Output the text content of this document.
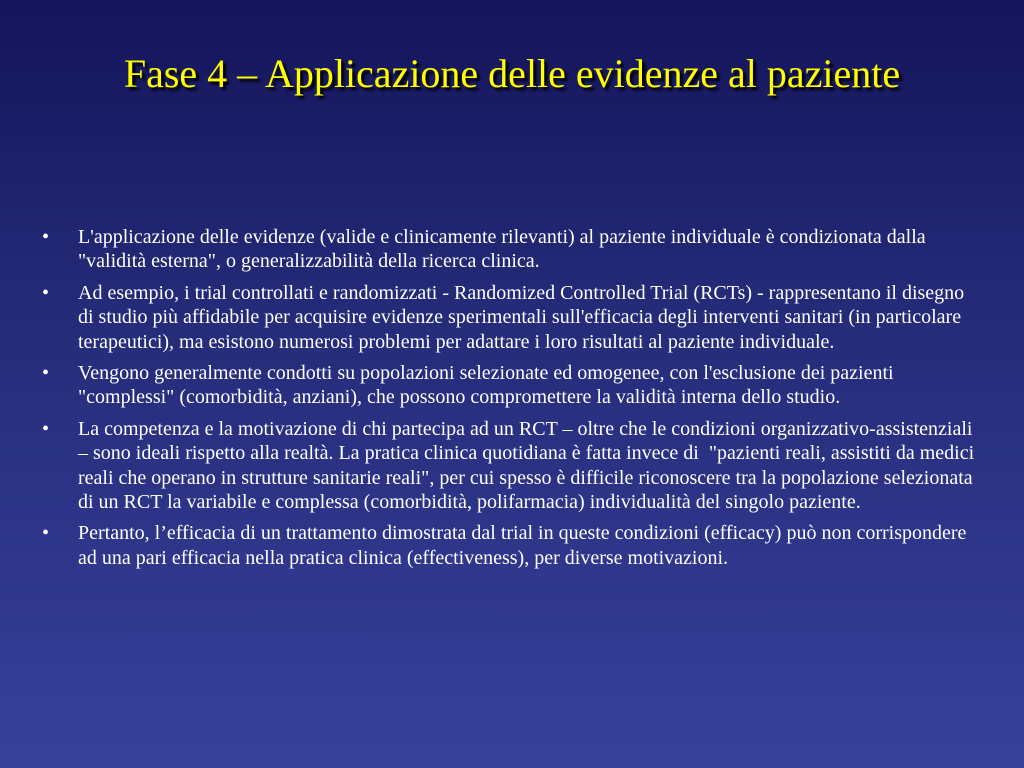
Fase 4 – Applicazione delle evidenze al paziente
•	L'applicazione delle evidenze (valide e clinicamente rilevanti) al paziente individuale è condizionata dalla "validità esterna", o generalizzabilità della ricerca clinica.
•	Ad esempio, i trial controllati e randomizzati - Randomized Controlled Trial (RCTs) - rappresentano il disegno di studio più affidabile per acquisire evidenze sperimentali sull'efficacia degli interventi sanitari (in particolare terapeutici), ma esistono numerosi problemi per adattare i loro risultati al paziente individuale.
•	Vengono generalmente condotti su popolazioni selezionate ed omogenee, con l'esclusione dei pazienti "complessi" (comorbidità, anziani), che possono compromettere la validità interna dello studio.
•	La competenza e la motivazione di chi partecipa ad un RCT – oltre che le condizioni organizzativo-assistenziali – sono ideali rispetto alla realtà. La pratica clinica quotidiana è fatta invece di  "pazienti reali, assistiti da medici reali che operano in strutture sanitarie reali", per cui spesso è difficile riconoscere tra la popolazione selezionata di un RCT la variabile e complessa (comorbidità, polifarmacia) individualità del singolo paziente.
•	Pertanto, l’efficacia di un trattamento dimostrata dal trial in queste condizioni (efficacy) può non corrispondere ad una pari efficacia nella pratica clinica (effectiveness), per diverse motivazioni.
